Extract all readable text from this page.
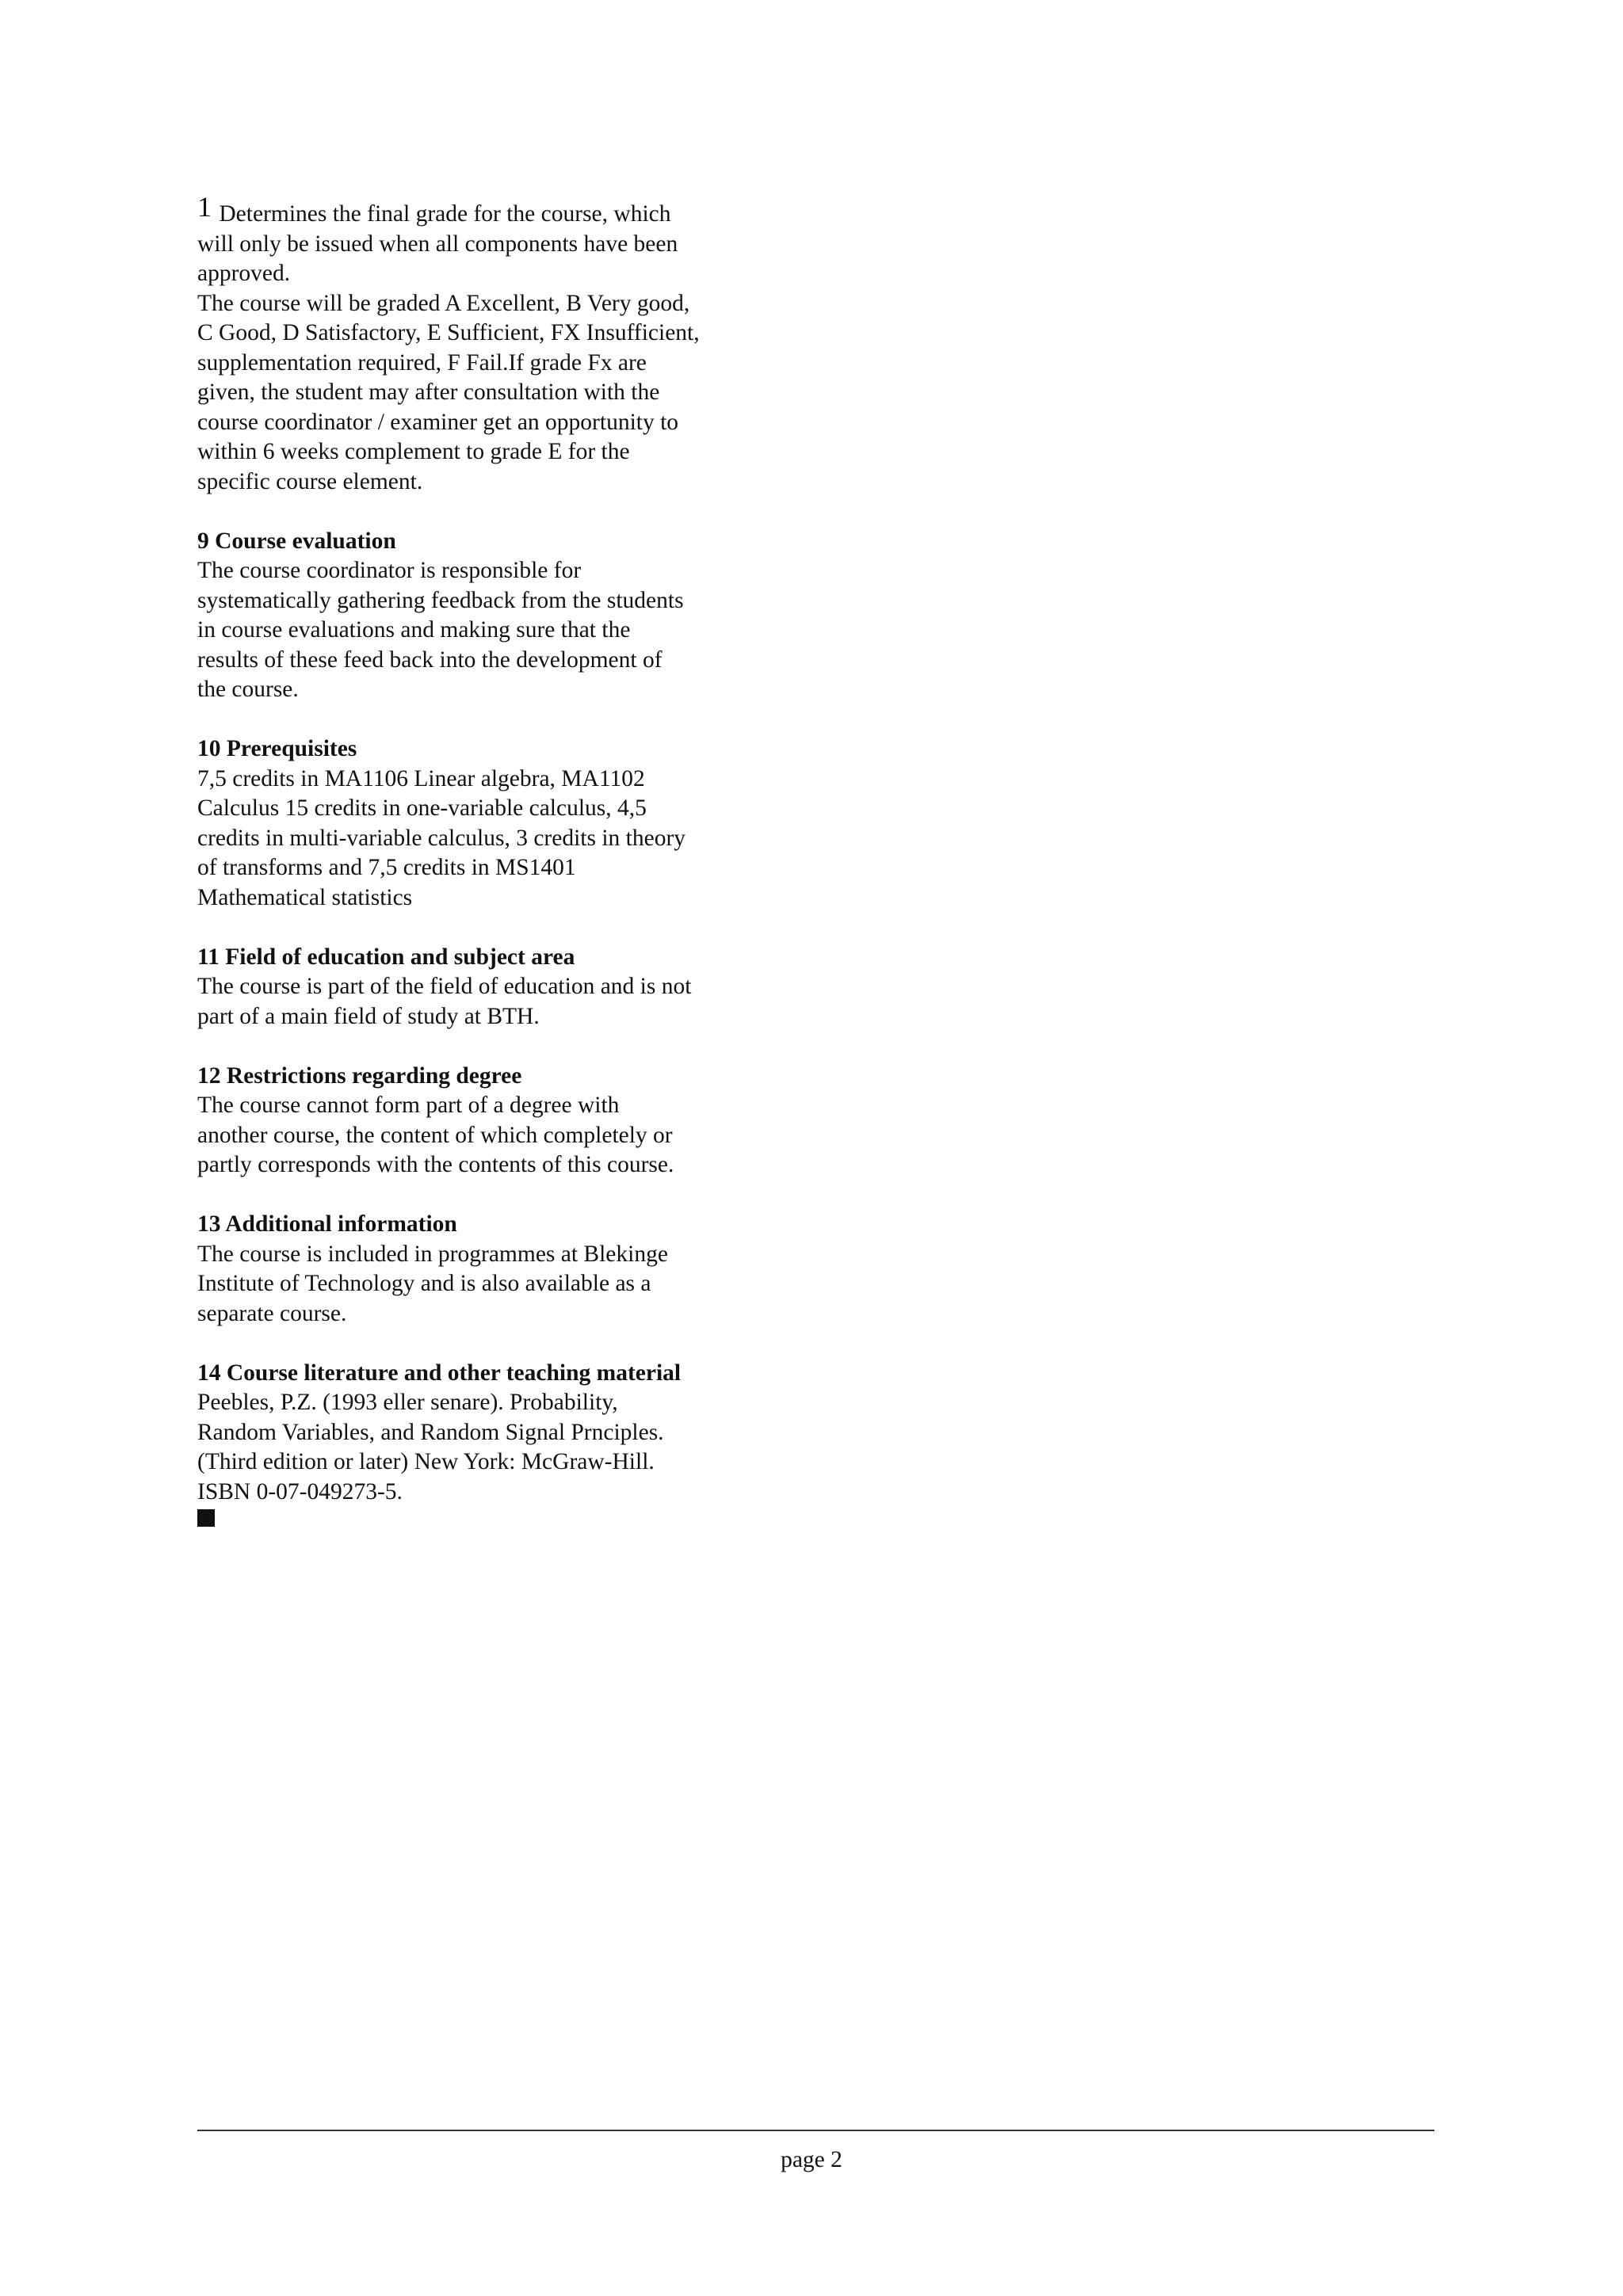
1 Determines the final grade for the course, which
will only be issued when all components have been
approved.
The course will be graded A Excellent, B Very good,
C Good, D Satisfactory, E Sufficient, FX Insufficient,
supplementation required, F Fail.If grade Fx are
given, the student may after consultation with the
course coordinator / examiner get an opportunity to
within 6 weeks complement to grade E for the
specific course element.

9 Course evaluation

The course coordinator is responsible for
systematically gathering feedback from the students
in course evaluations and making sure that the
results of these feed back into the development of
the course.

10 Prerequisites

7,5 credits in MA1106 Linear algebra, MA1102
Calculus 15 credits in one-variable calculus, 4,5
credits in multi-variable calculus, 3 credits in theory
of transforms and 7,5 credits in MS1401
Mathematical statistics

11 Field of education and subject area

The course is part of the field of education and is not
part of a main field of study at BTH.

12 Restrictions regarding degree

The course cannot form part of a degree with
another course, the content of which completely or
partly corresponds with the contents of this course.

13 Additional information

The course is included in programmes at Blekinge
Institute of Technology and is also available as a
separate course.

14 Course literature and other teaching material

Peebles, P.Z. (1993 eller senare). Probability,
Random Variables, and Random Signal Prnciples.
(Third edition or later) New York: McGraw-Hill.
ISBN 0-07-049273-5.

page 2
